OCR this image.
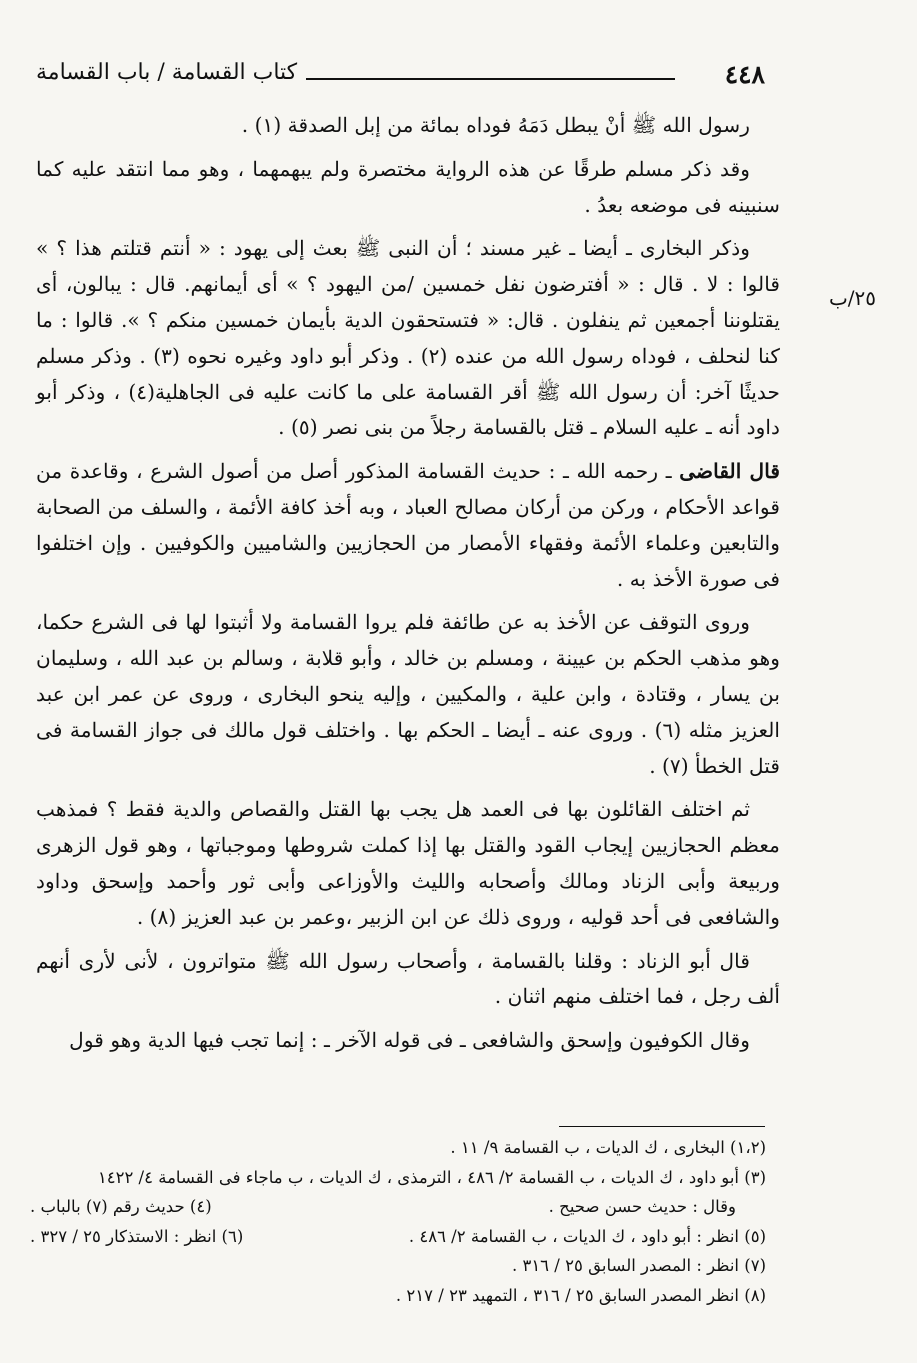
٤٤٨
كتاب القسامة / باب القسامة
٢٥/ب

رسول الله ﷺ أنْ يبطل دَمَهُ فوداه بمائة من إبل الصدقة (١) .

وقد ذكر مسلم طرقًا عن هذه الرواية مختصرة ولم يبهمهما ، وهو مما انتقد عليه كما سنبينه فى موضعه بعدُ .

وذكر البخارى ـ أيضا ـ غير مسند ؛ أن النبى ﷺ بعث إلى يهود : « أنتم قتلتم هذا ؟ » قالوا : لا . قال : « أفترضون نفل خمسين /من اليهود ؟ » أى أيمانهم. قال : يبالون، أى يقتلوننا أجمعين ثم ينفلون . قال: « فتستحقون الدية بأيمان خمسين منكم ؟ ». قالوا : ما كنا لنحلف ، فوداه رسول الله من عنده (٢) . وذكر أبو داود وغيره نحوه (٣) . وذكر مسلم حديثًا آخر: أن رسول الله ﷺ أقر القسامة على ما كانت عليه فى الجاهلية(٤) ، وذكر أبو داود أنه ـ عليه السلام ـ قتل بالقسامة رجلاً من بنى نصر (٥) .

قال القاضى ـ رحمه الله ـ : حديث القسامة المذكور أصل من أصول الشرع ، وقاعدة من قواعد الأحكام ، وركن من أركان مصالح العباد ، وبه أخذ كافة الأئمة ، والسلف من الصحابة والتابعين وعلماء الأئمة وفقهاء الأمصار من الحجازيين والشاميين والكوفيين . وإن اختلفوا فى صورة الأخذ به .

وروى التوقف عن الأخذ به عن طائفة فلم يروا القسامة ولا أثبتوا لها فى الشرع حكما، وهو مذهب الحكم بن عيينة ، ومسلم بن خالد ، وأبو قلابة ، وسالم بن عبد الله ، وسليمان بن يسار ، وقتادة ، وابن علية ، والمكيين ، وإليه ينحو البخارى ، وروى عن عمر ابن عبد العزيز مثله (٦) . وروى عنه ـ أيضا ـ الحكم بها . واختلف قول مالك فى جواز القسامة فى قتل الخطأ (٧) .

ثم اختلف القائلون بها فى العمد هل يجب بها القتل والقصاص والدية فقط ؟ فمذهب معظم الحجازيين إيجاب القود والقتل بها إذا كملت شروطها وموجباتها ، وهو قول الزهرى وربيعة وأبى الزناد ومالك وأصحابه والليث والأوزاعى وأبى ثور وأحمد وإسحق وداود والشافعى فى أحد قوليه ، وروى ذلك عن ابن الزبير ،وعمر بن عبد العزيز (٨) .

قال أبو الزناد : وقلنا بالقسامة ، وأصحاب رسول الله ﷺ متواترون ، لأنى لأرى أنهم ألف رجل ، فما اختلف منهم اثنان .

وقال الكوفيون وإسحق والشافعى ـ فى قوله الآخر ـ : إنما تجب فيها الدية وهو قول

(١،٢) البخارى ، ك الديات ، ب القسامة ٩/ ١١ .
(٣) أبو داود ، ك الديات ، ب القسامة ٢/ ٤٨٦ ، الترمذى ، ك الديات ، ب ماجاء فى القسامة ٤/ ١٤٢٢
وقال : حديث حسن صحيح .
(٤) حديث رقم (٧) بالباب .
(٥) انظر : أبو داود ، ك الديات ، ب القسامة ٢/ ٤٨٦ .
(٦) انظر : الاستذكار ٢٥ / ٣٢٧ .
(٧) انظر : المصدر السابق ٢٥ / ٣١٦ .
(٨) انظر المصدر السابق ٢٥ / ٣١٦ ، التمهيد ٢٣ / ٢١٧ .
